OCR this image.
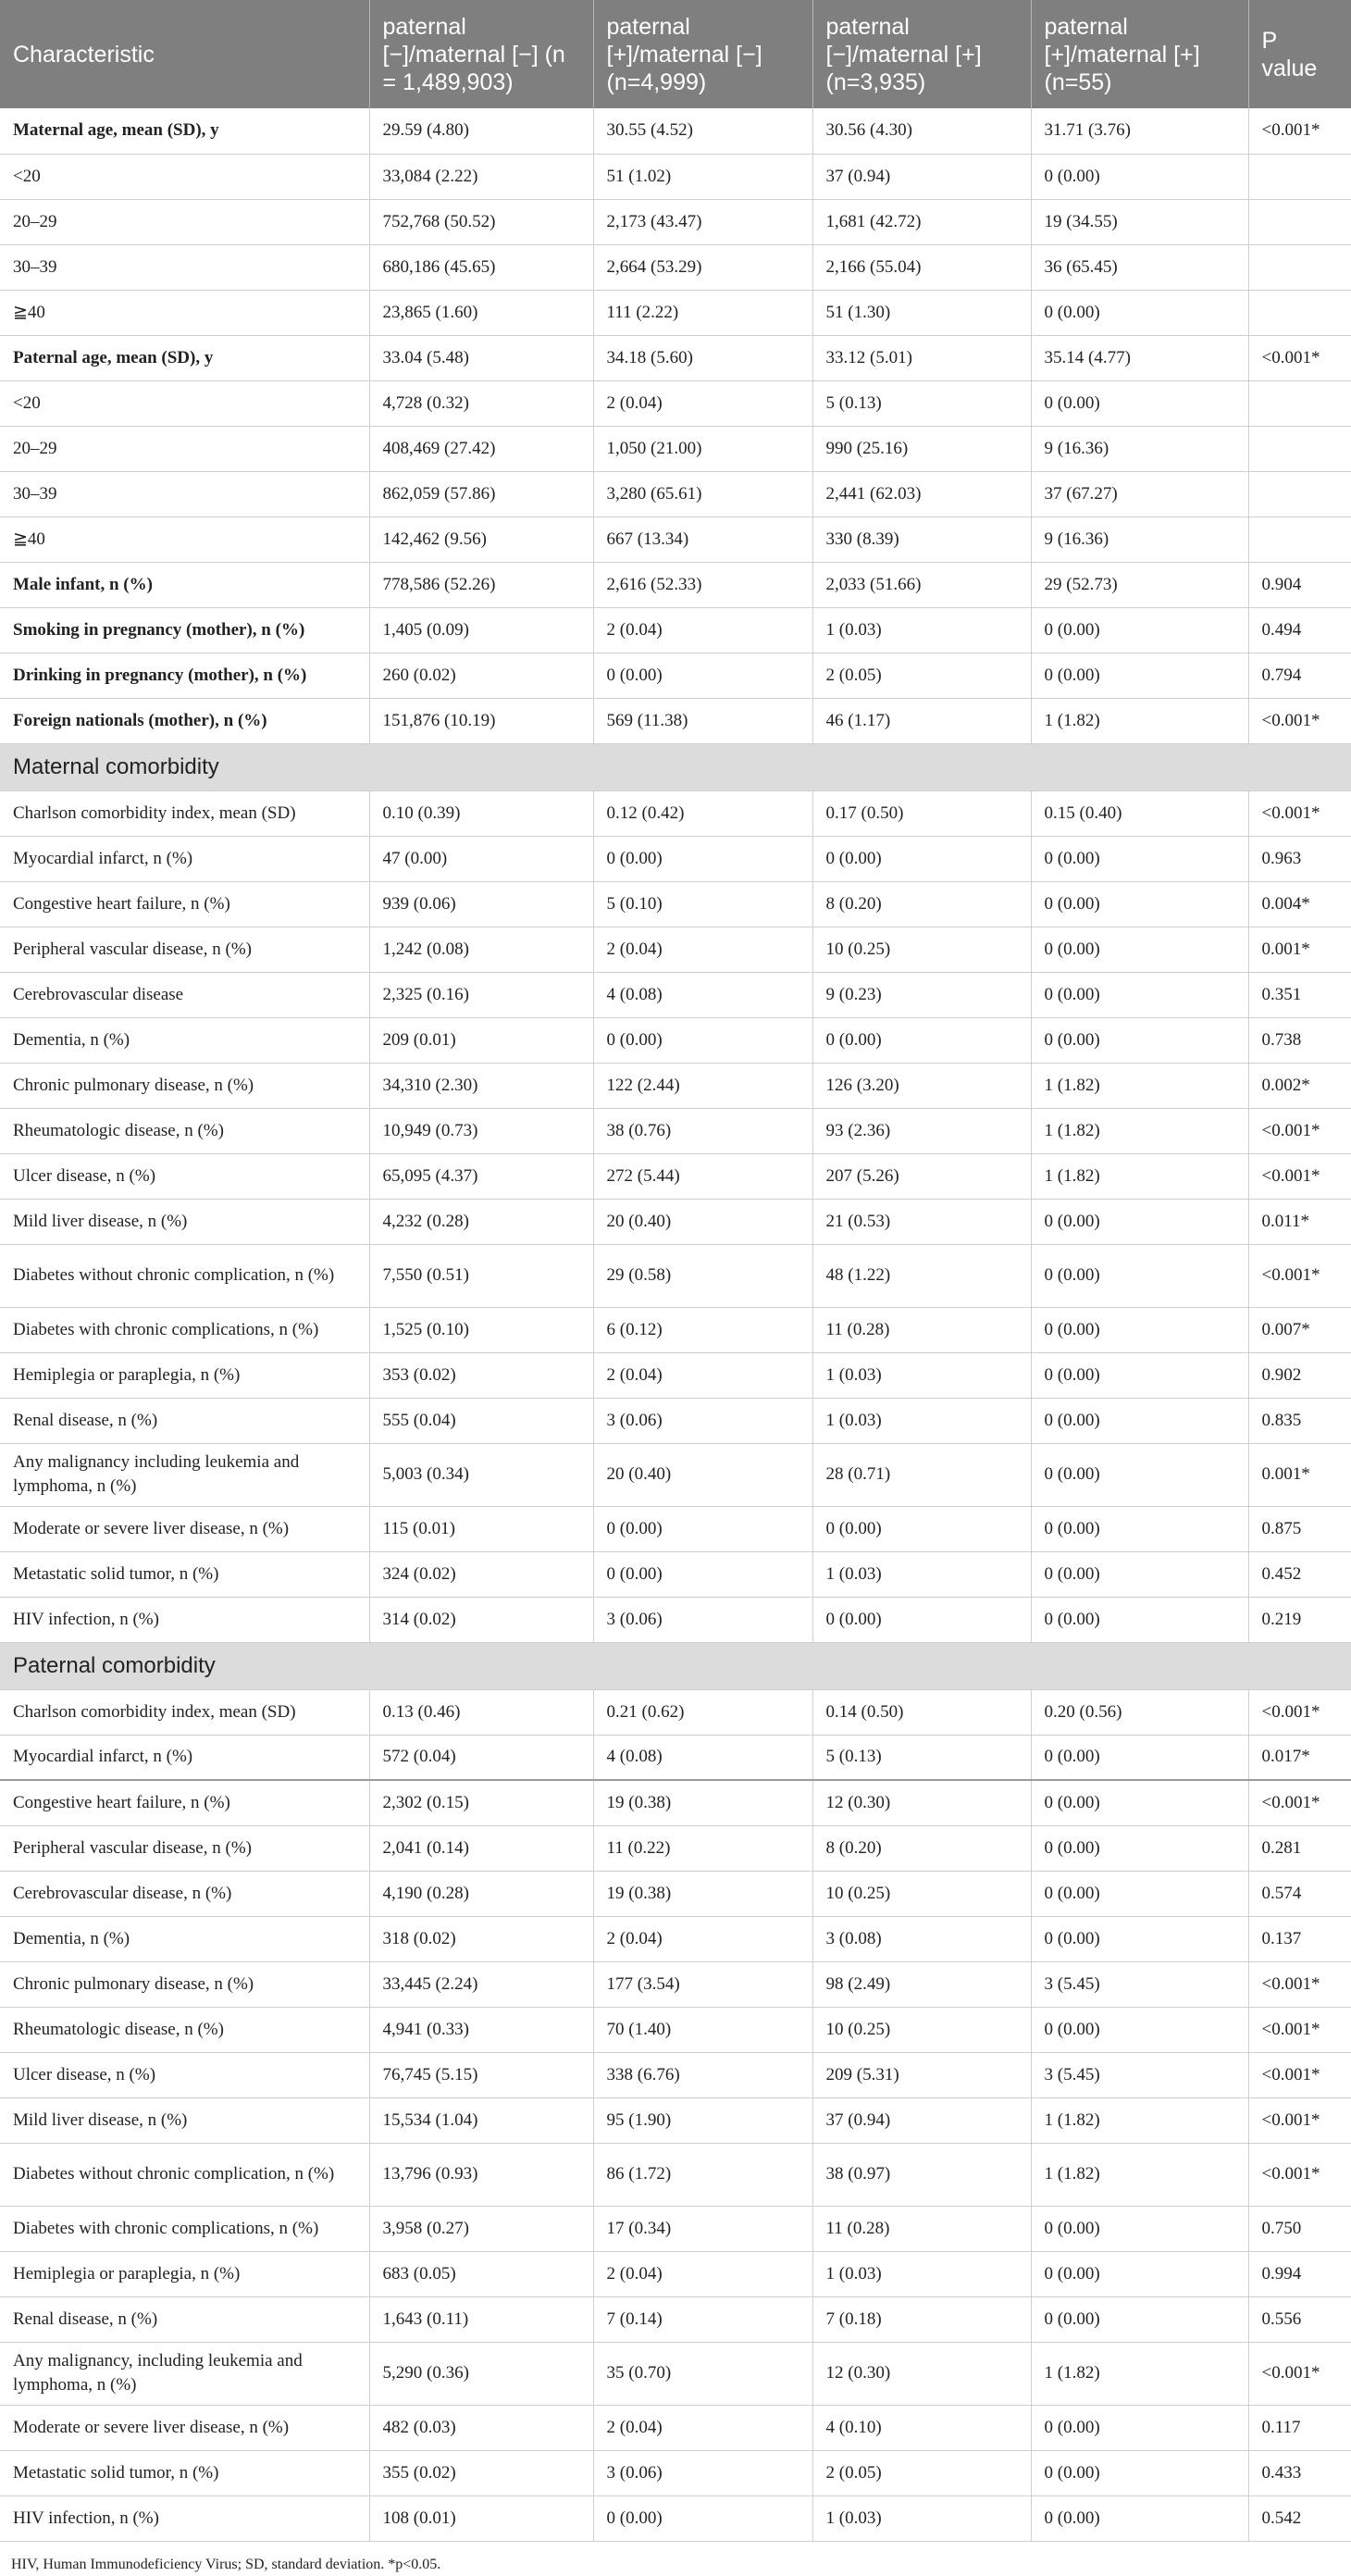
Characteristic	paternal [−]/maternal [−] (n = 1,489,903)	paternal [+]/maternal [−] (n=4,999)	paternal [−]/maternal [+] (n=3,935)	paternal [+]/maternal [+] (n=55)	P value
Maternal age, mean (SD), y	29.59 (4.80)	30.55 (4.52)	30.56 (4.30)	31.71 (3.76)	<0.001*
<20	33,084 (2.22)	51 (1.02)	37 (0.94)	0 (0.00)	
20–29	752,768 (50.52)	2,173 (43.47)	1,681 (42.72)	19 (34.55)	
30–39	680,186 (45.65)	2,664 (53.29)	2,166 (55.04)	36 (65.45)	
≧40	23,865 (1.60)	111 (2.22)	51 (1.30)	0 (0.00)	
Paternal age, mean (SD), y	33.04 (5.48)	34.18 (5.60)	33.12 (5.01)	35.14 (4.77)	<0.001*
<20	4,728 (0.32)	2 (0.04)	5 (0.13)	0 (0.00)	
20–29	408,469 (27.42)	1,050 (21.00)	990 (25.16)	9 (16.36)	
30–39	862,059 (57.86)	3,280 (65.61)	2,441 (62.03)	37 (67.27)	
≧40	142,462 (9.56)	667 (13.34)	330 (8.39)	9 (16.36)	
Male infant, n (%)	778,586 (52.26)	2,616 (52.33)	2,033 (51.66)	29 (52.73)	0.904
Smoking in pregnancy (mother), n (%)	1,405 (0.09)	2 (0.04)	1 (0.03)	0 (0.00)	0.494
Drinking in pregnancy (mother), n (%)	260 (0.02)	0 (0.00)	2 (0.05)	0 (0.00)	0.794
Foreign nationals (mother), n (%)	151,876 (10.19)	569 (11.38)	46 (1.17)	1 (1.82)	<0.001*
Maternal comorbidity					
Charlson comorbidity index, mean (SD)	0.10 (0.39)	0.12 (0.42)	0.17 (0.50)	0.15 (0.40)	<0.001*
Myocardial infarct, n (%)	47 (0.00)	0 (0.00)	0 (0.00)	0 (0.00)	0.963
Congestive heart failure, n (%)	939 (0.06)	5 (0.10)	8 (0.20)	0 (0.00)	0.004*
Peripheral vascular disease, n (%)	1,242 (0.08)	2 (0.04)	10 (0.25)	0 (0.00)	0.001*
Cerebrovascular disease	2,325 (0.16)	4 (0.08)	9 (0.23)	0 (0.00)	0.351
Dementia, n (%)	209 (0.01)	0 (0.00)	0 (0.00)	0 (0.00)	0.738
Chronic pulmonary disease, n (%)	34,310 (2.30)	122 (2.44)	126 (3.20)	1 (1.82)	0.002*
Rheumatologic disease, n (%)	10,949 (0.73)	38 (0.76)	93 (2.36)	1 (1.82)	<0.001*
Ulcer disease, n (%)	65,095 (4.37)	272 (5.44)	207 (5.26)	1 (1.82)	<0.001*
Mild liver disease, n (%)	4,232 (0.28)	20 (0.40)	21 (0.53)	0 (0.00)	0.011*
Diabetes without chronic complication, n (%)	7,550 (0.51)	29 (0.58)	48 (1.22)	0 (0.00)	<0.001*
Diabetes with chronic complications, n (%)	1,525 (0.10)	6 (0.12)	11 (0.28)	0 (0.00)	0.007*
Hemiplegia or paraplegia, n (%)	353 (0.02)	2 (0.04)	1 (0.03)	0 (0.00)	0.902
Renal disease, n (%)	555 (0.04)	3 (0.06)	1 (0.03)	0 (0.00)	0.835
Any malignancy including leukemia and lymphoma, n (%)	5,003 (0.34)	20 (0.40)	28 (0.71)	0 (0.00)	0.001*
Moderate or severe liver disease, n (%)	115 (0.01)	0 (0.00)	0 (0.00)	0 (0.00)	0.875
Metastatic solid tumor, n (%)	324 (0.02)	0 (0.00)	1 (0.03)	0 (0.00)	0.452
HIV infection, n (%)	314 (0.02)	3 (0.06)	0 (0.00)	0 (0.00)	0.219
Paternal comorbidity					
Charlson comorbidity index, mean (SD)	0.13 (0.46)	0.21 (0.62)	0.14 (0.50)	0.20 (0.56)	<0.001*
Myocardial infarct, n (%)	572 (0.04)	4 (0.08)	5 (0.13)	0 (0.00)	0.017*
Congestive heart failure, n (%)	2,302 (0.15)	19 (0.38)	12 (0.30)	0 (0.00)	<0.001*
Peripheral vascular disease, n (%)	2,041 (0.14)	11 (0.22)	8 (0.20)	0 (0.00)	0.281
Cerebrovascular disease, n (%)	4,190 (0.28)	19 (0.38)	10 (0.25)	0 (0.00)	0.574
Dementia, n (%)	318 (0.02)	2 (0.04)	3 (0.08)	0 (0.00)	0.137
Chronic pulmonary disease, n (%)	33,445 (2.24)	177 (3.54)	98 (2.49)	3 (5.45)	<0.001*
Rheumatologic disease, n (%)	4,941 (0.33)	70 (1.40)	10 (0.25)	0 (0.00)	<0.001*
Ulcer disease, n (%)	76,745 (5.15)	338 (6.76)	209 (5.31)	3 (5.45)	<0.001*
Mild liver disease, n (%)	15,534 (1.04)	95 (1.90)	37 (0.94)	1 (1.82)	<0.001*
Diabetes without chronic complication, n (%)	13,796 (0.93)	86 (1.72)	38 (0.97)	1 (1.82)	<0.001*
Diabetes with chronic complications, n (%)	3,958 (0.27)	17 (0.34)	11 (0.28)	0 (0.00)	0.750
Hemiplegia or paraplegia, n (%)	683 (0.05)	2 (0.04)	1 (0.03)	0 (0.00)	0.994
Renal disease, n (%)	1,643 (0.11)	7 (0.14)	7 (0.18)	0 (0.00)	0.556
Any malignancy, including leukemia and lymphoma, n (%)	5,290 (0.36)	35 (0.70)	12 (0.30)	1 (1.82)	<0.001*
Moderate or severe liver disease, n (%)	482 (0.03)	2 (0.04)	4 (0.10)	0 (0.00)	0.117
Metastatic solid tumor, n (%)	355 (0.02)	3 (0.06)	2 (0.05)	0 (0.00)	0.433
HIV infection, n (%)	108 (0.01)	0 (0.00)	1 (0.03)	0 (0.00)	0.542
HIV, Human Immunodeficiency Virus; SD, standard deviation. *p<0.05.
